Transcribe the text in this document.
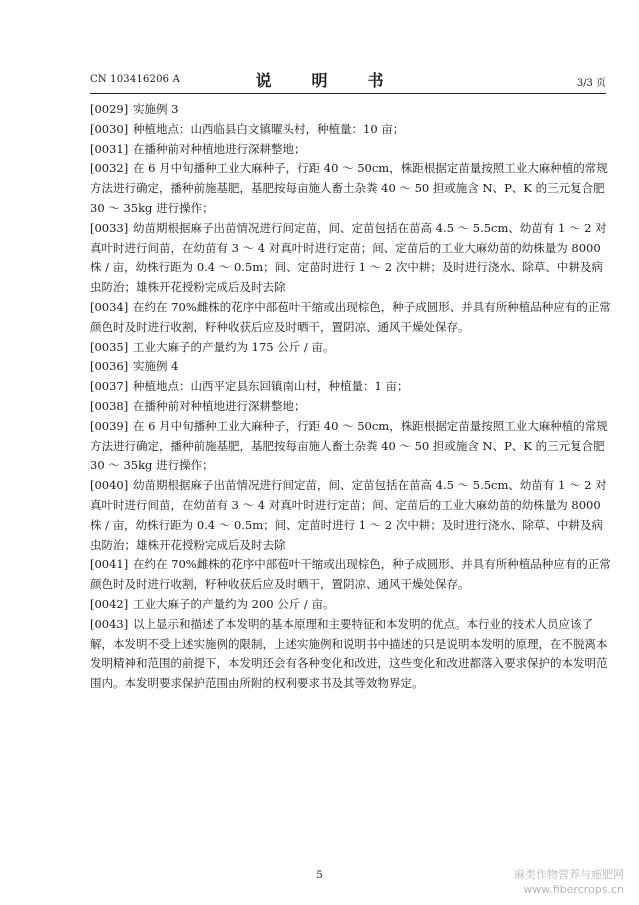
CN 103416206 A	说　明　书	3/3 页

[0029] 实施例 3

[0030] 种植地点：山西临县白文镇曜头村，种植量：10 亩；

[0031] 在播种前对种植地进行深耕整地；

[0032] 在 6 月中旬播种工业大麻种子，行距 40 ～ 50cm，株距根据定苗量按照工业大麻种植的常规方法进行确定，播种前施基肥，基肥按每亩施人畜土杂粪 40 ～ 50 担或施含 N、P、K 的三元复合肥 30 ～ 35kg 进行操作；

[0033] 幼苗期根据麻子出苗情况进行间定苗，间、定苗包括在苗高 4.5 ～ 5.5cm、幼苗有 1 ～ 2 对真叶时进行间苗，在幼苗有 3 ～ 4 对真叶时进行定苗；间、定苗后的工业大麻幼苗的幼株量为 8000 株 / 亩，幼株行距为 0.4 ～ 0.5m；间、定苗时进行 1 ～ 2 次中耕；及时进行浇水、除草、中耕及病虫防治；雄株开花授粉完成后及时去除

[0034] 在约在 70%雌株的花序中部苞叶干缩或出现棕色，种子成圆形、并具有所种植品种应有的正常颜色时及时进行收割，籽种收获后应及时晒干，置阴凉、通风干燥处保存。

[0035] 工业大麻子的产量约为 175 公斤 / 亩。

[0036] 实施例 4

[0037] 种植地点：山西平定县东回镇南山村，种植量：1 亩；

[0038] 在播种前对种植地进行深耕整地；

[0039] 在 6 月中旬播种工业大麻种子，行距 40 ～ 50cm，株距根据定苗量按照工业大麻种植的常规方法进行确定，播种前施基肥，基肥按每亩施人畜土杂粪 40 ～ 50 担或施含 N、P、K 的三元复合肥 30 ～ 35kg 进行操作；

[0040] 幼苗期根据麻子出苗情况进行间定苗，间、定苗包括在苗高 4.5 ～ 5.5cm、幼苗有 1 ～ 2 对真叶时进行间苗，在幼苗有 3 ～ 4 对真叶时进行定苗；间、定苗后的工业大麻幼苗的幼株量为 8000 株 / 亩，幼株行距为 0.4 ～ 0.5m；间、定苗时进行 1 ～ 2 次中耕；及时进行浇水、除草、中耕及病虫防治；雄株开花授粉完成后及时去除

[0041] 在约在 70%雌株的花序中部苞叶干缩或出现棕色，种子成圆形、并具有所种植品种应有的正常颜色时及时进行收割，籽种收获后应及时晒干，置阴凉、通风干燥处保存。

[0042] 工业大麻子的产量约为 200 公斤 / 亩。

[0043] 以上显示和描述了本发明的基本原理和主要特征和本发明的优点。本行业的技术人员应该了解，本发明不受上述实施例的限制，上述实施例和说明书中描述的只是说明本发明的原理，在不脱离本发明精神和范围的前提下，本发明还会有各种变化和改进，这些变化和改进都落入要求保护的本发明范围内。本发明要求保护范围由所附的权利要求书及其等效物界定。

5	麻类作物营养与施肥网
www.fibercrops.cn
